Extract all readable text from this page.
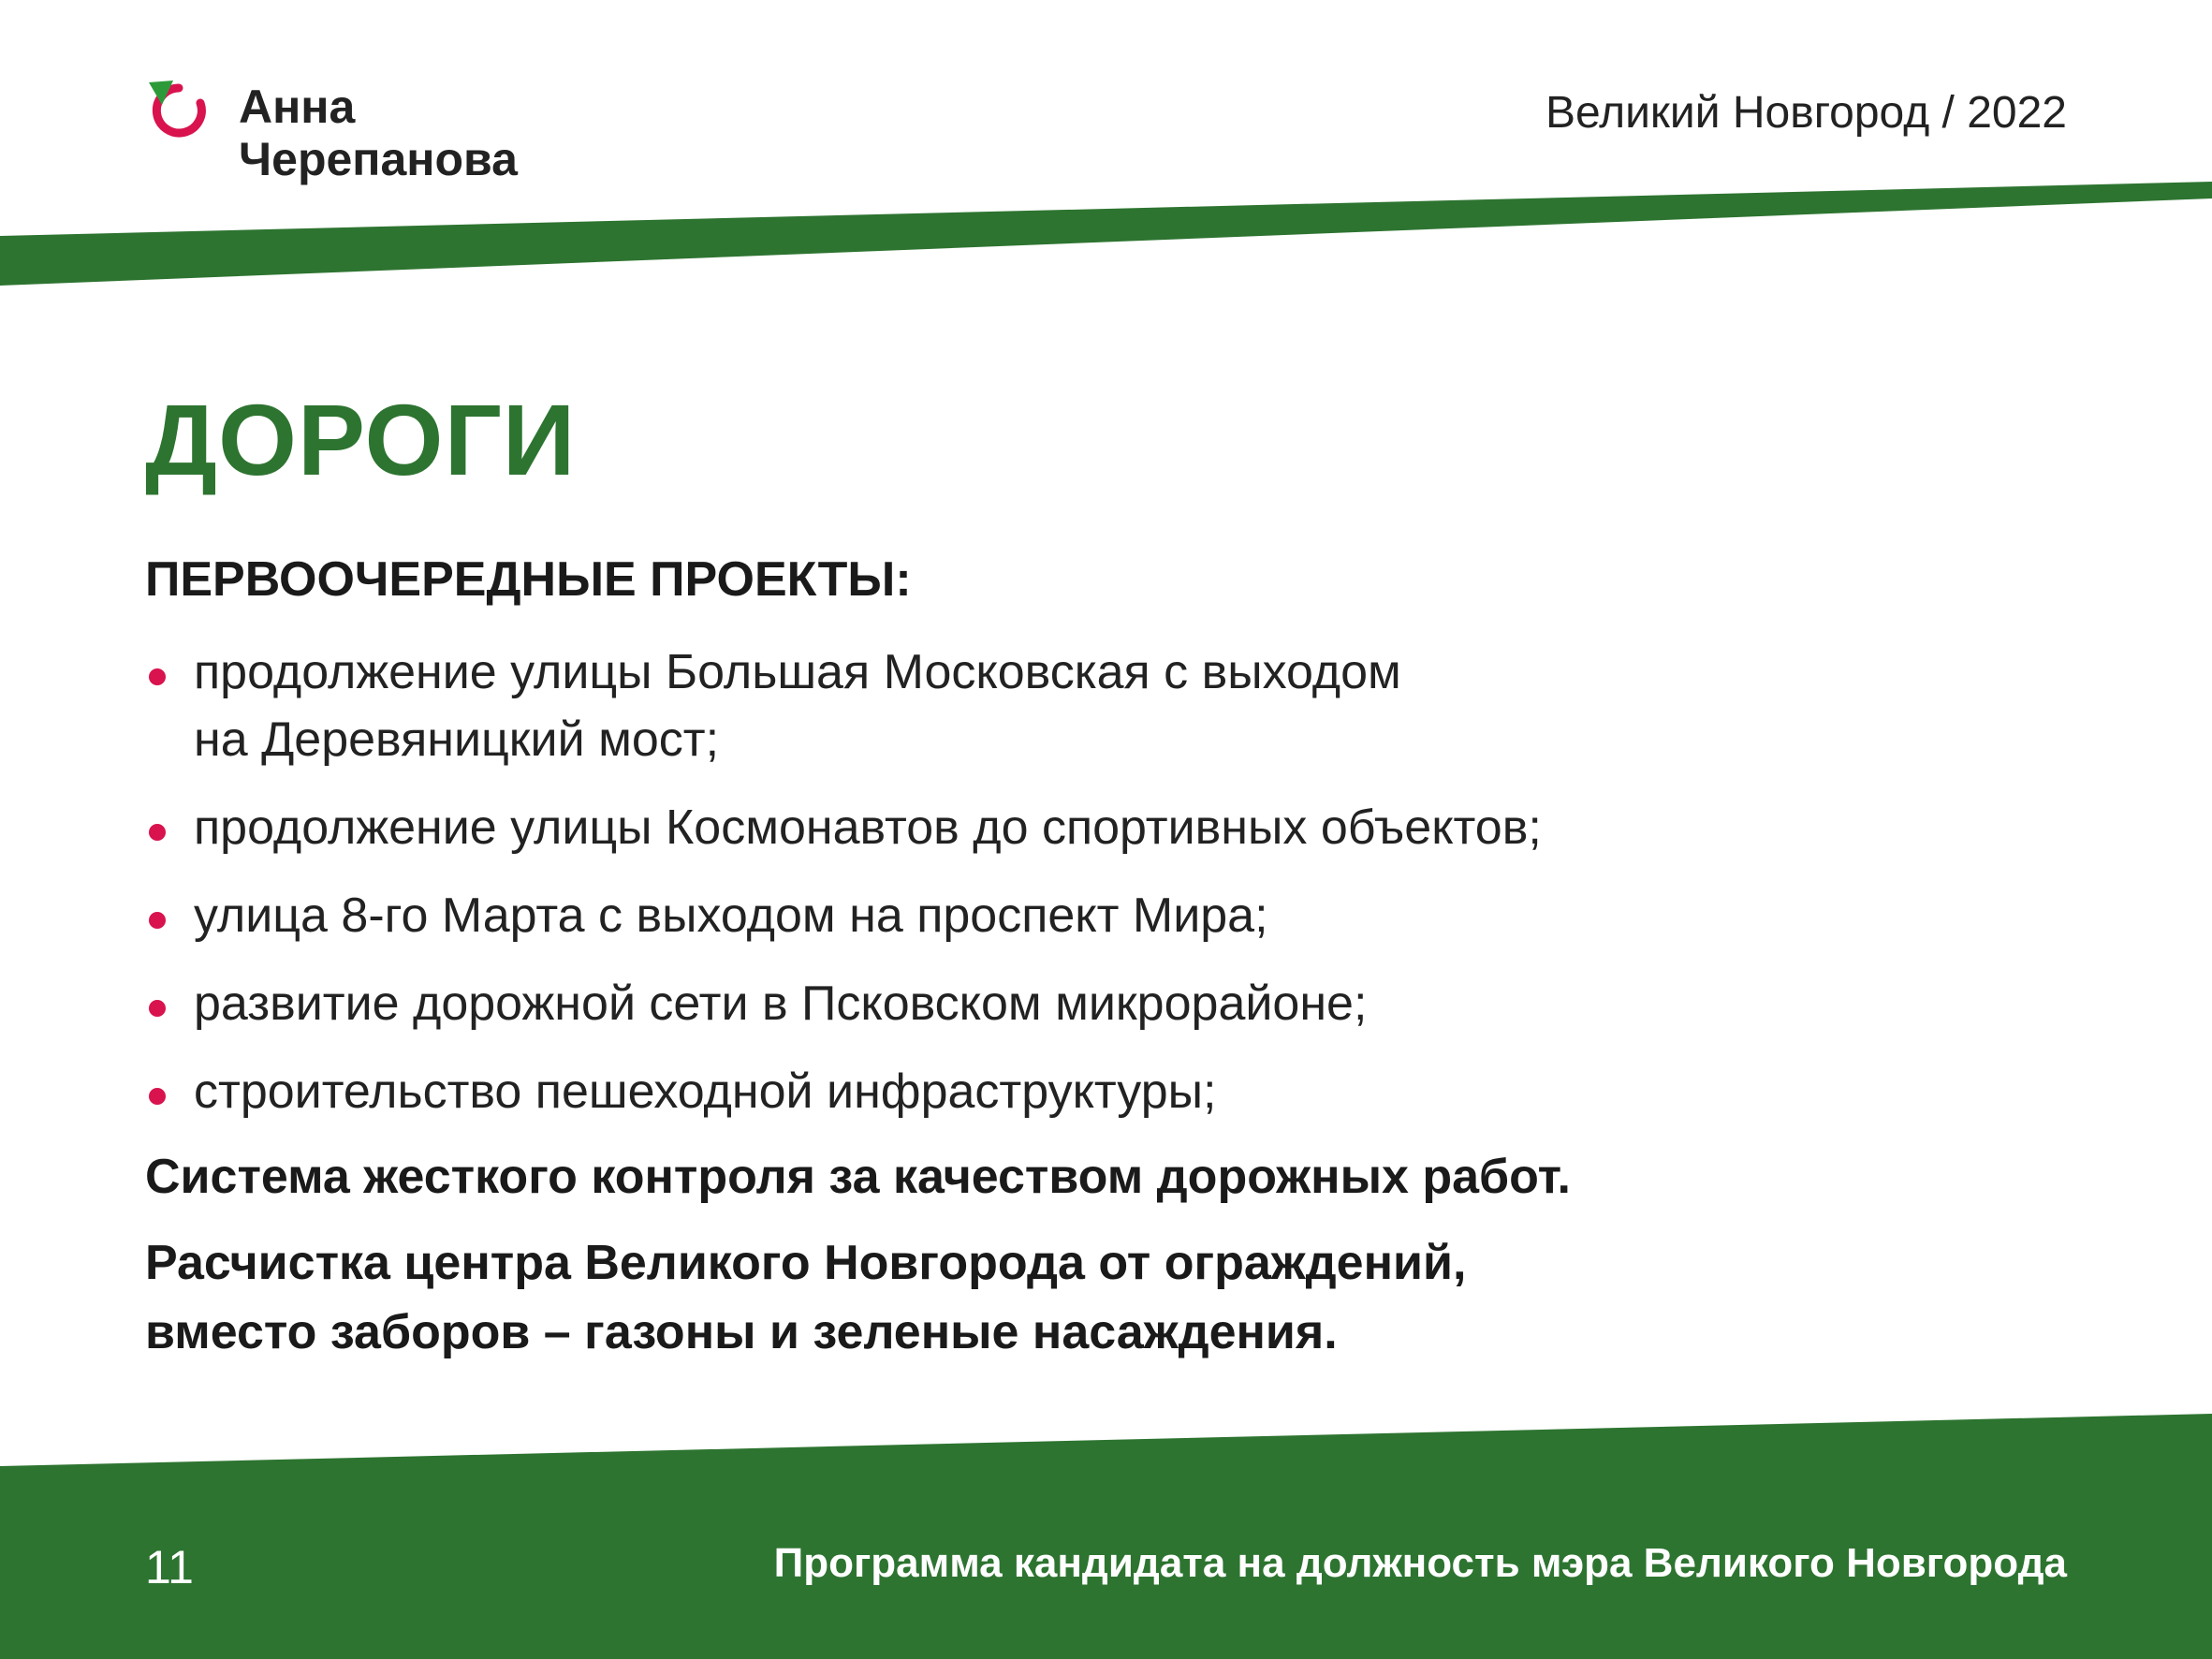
Анна
Черепанова
Великий Новгород / 2022
ДОРОГИ
ПЕРВООЧЕРЕДНЫЕ ПРОЕКТЫ:
продолжение улицы Большая Московская с выходом
на Деревяницкий мост;
продолжение улицы Космонавтов до спортивных объектов;
улица 8-го Марта с выходом на проспект Мира;
развитие дорожной сети в Псковском микрорайоне;
строительство пешеходной инфраструктуры;
Система жесткого контроля за качеством дорожных работ.
Расчистка центра Великого Новгорода от ограждений,
вместо заборов – газоны и зеленые насаждения.
11	Программа кандидата на должность мэра Великого Новгорода
